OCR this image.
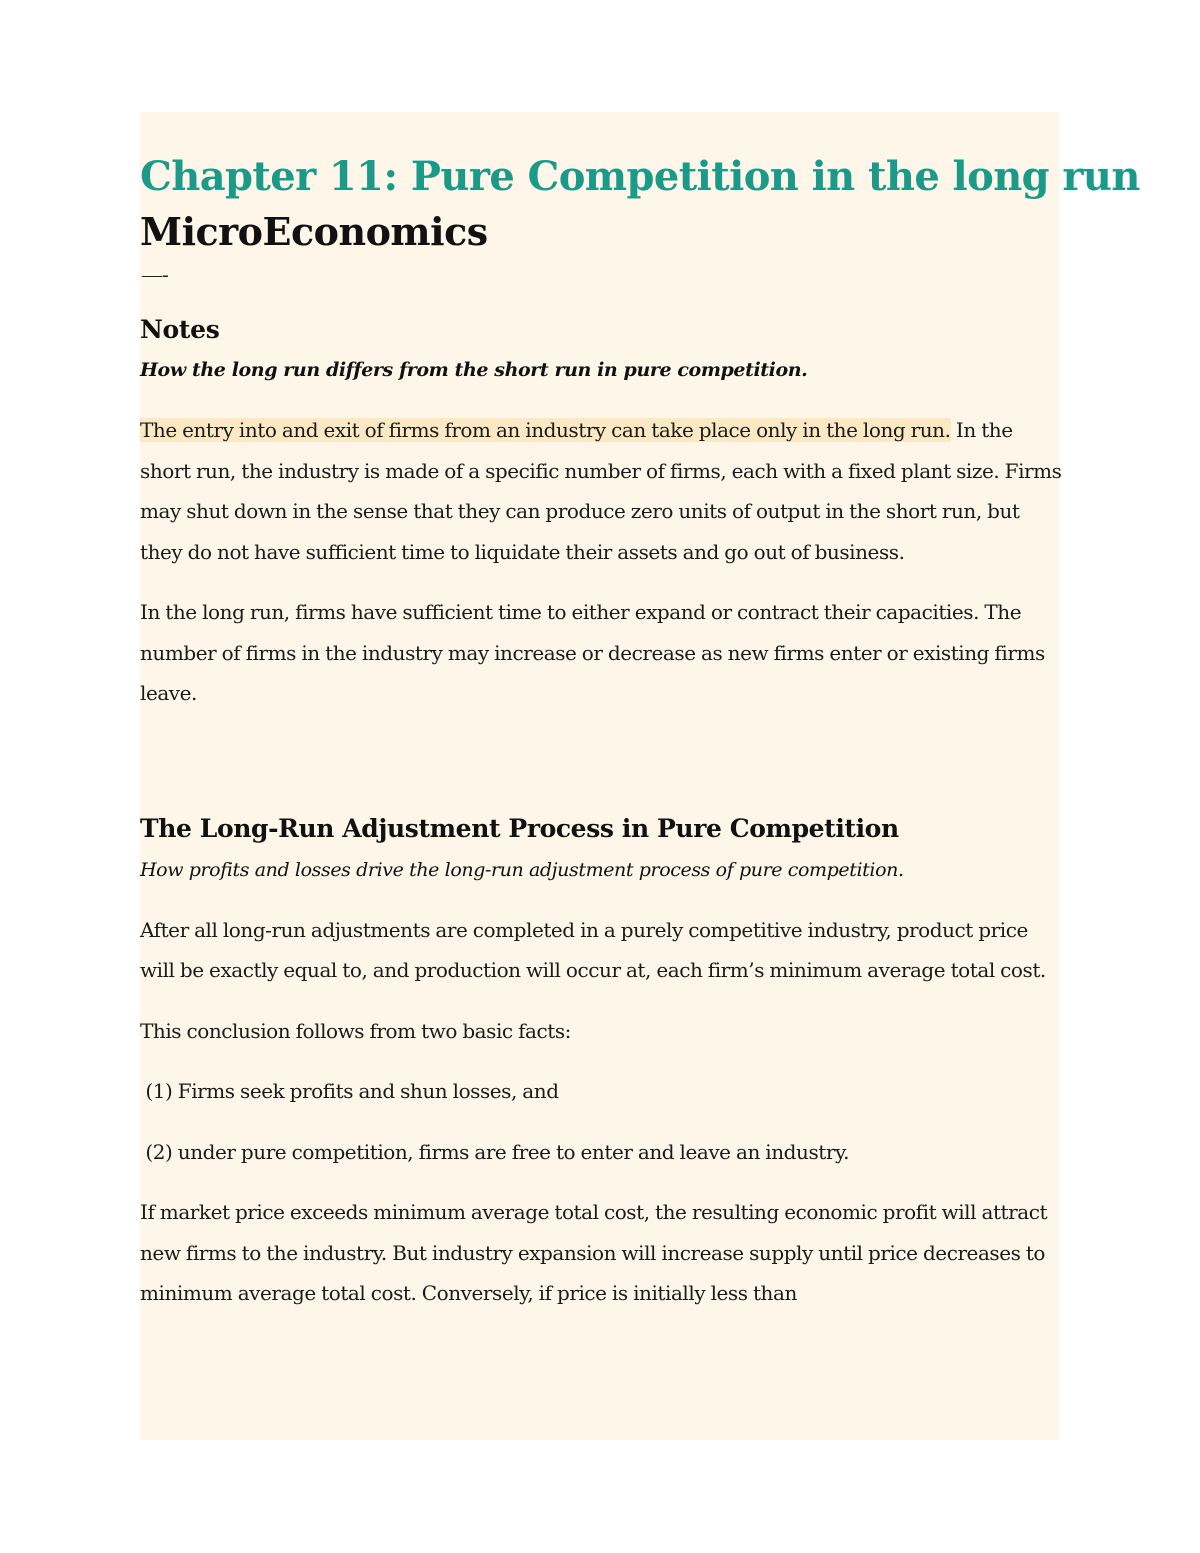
Chapter 11: Pure Competition in the long run
MicroEconomics
—-
Notes
How the long run differs from the short run in pure competition.

The entry into and exit of firms from an industry can take place only in the long run. In the short run, the industry is made of a specific number of firms, each with a fixed plant size. Firms may shut down in the sense that they can produce zero units of output in the short run, but they do not have sufficient time to liquidate their assets and go out of business.

In the long run, firms have sufficient time to either expand or contract their capacities. The number of firms in the industry may increase or decrease as new firms enter or existing firms leave.

The Long-Run Adjustment Process in Pure Competition
How profits and losses drive the long-run adjustment process of pure competition.

After all long-run adjustments are completed in a purely competitive industry, product price will be exactly equal to, and production will occur at, each firm’s minimum average total cost.

This conclusion follows from two basic facts:

(1) Firms seek profits and shun losses, and

(2) under pure competition, firms are free to enter and leave an industry.

If market price exceeds minimum average total cost, the resulting economic profit will attract new firms to the industry. But industry expansion will increase supply until price decreases to minimum average total cost. Conversely, if price is initially less than
